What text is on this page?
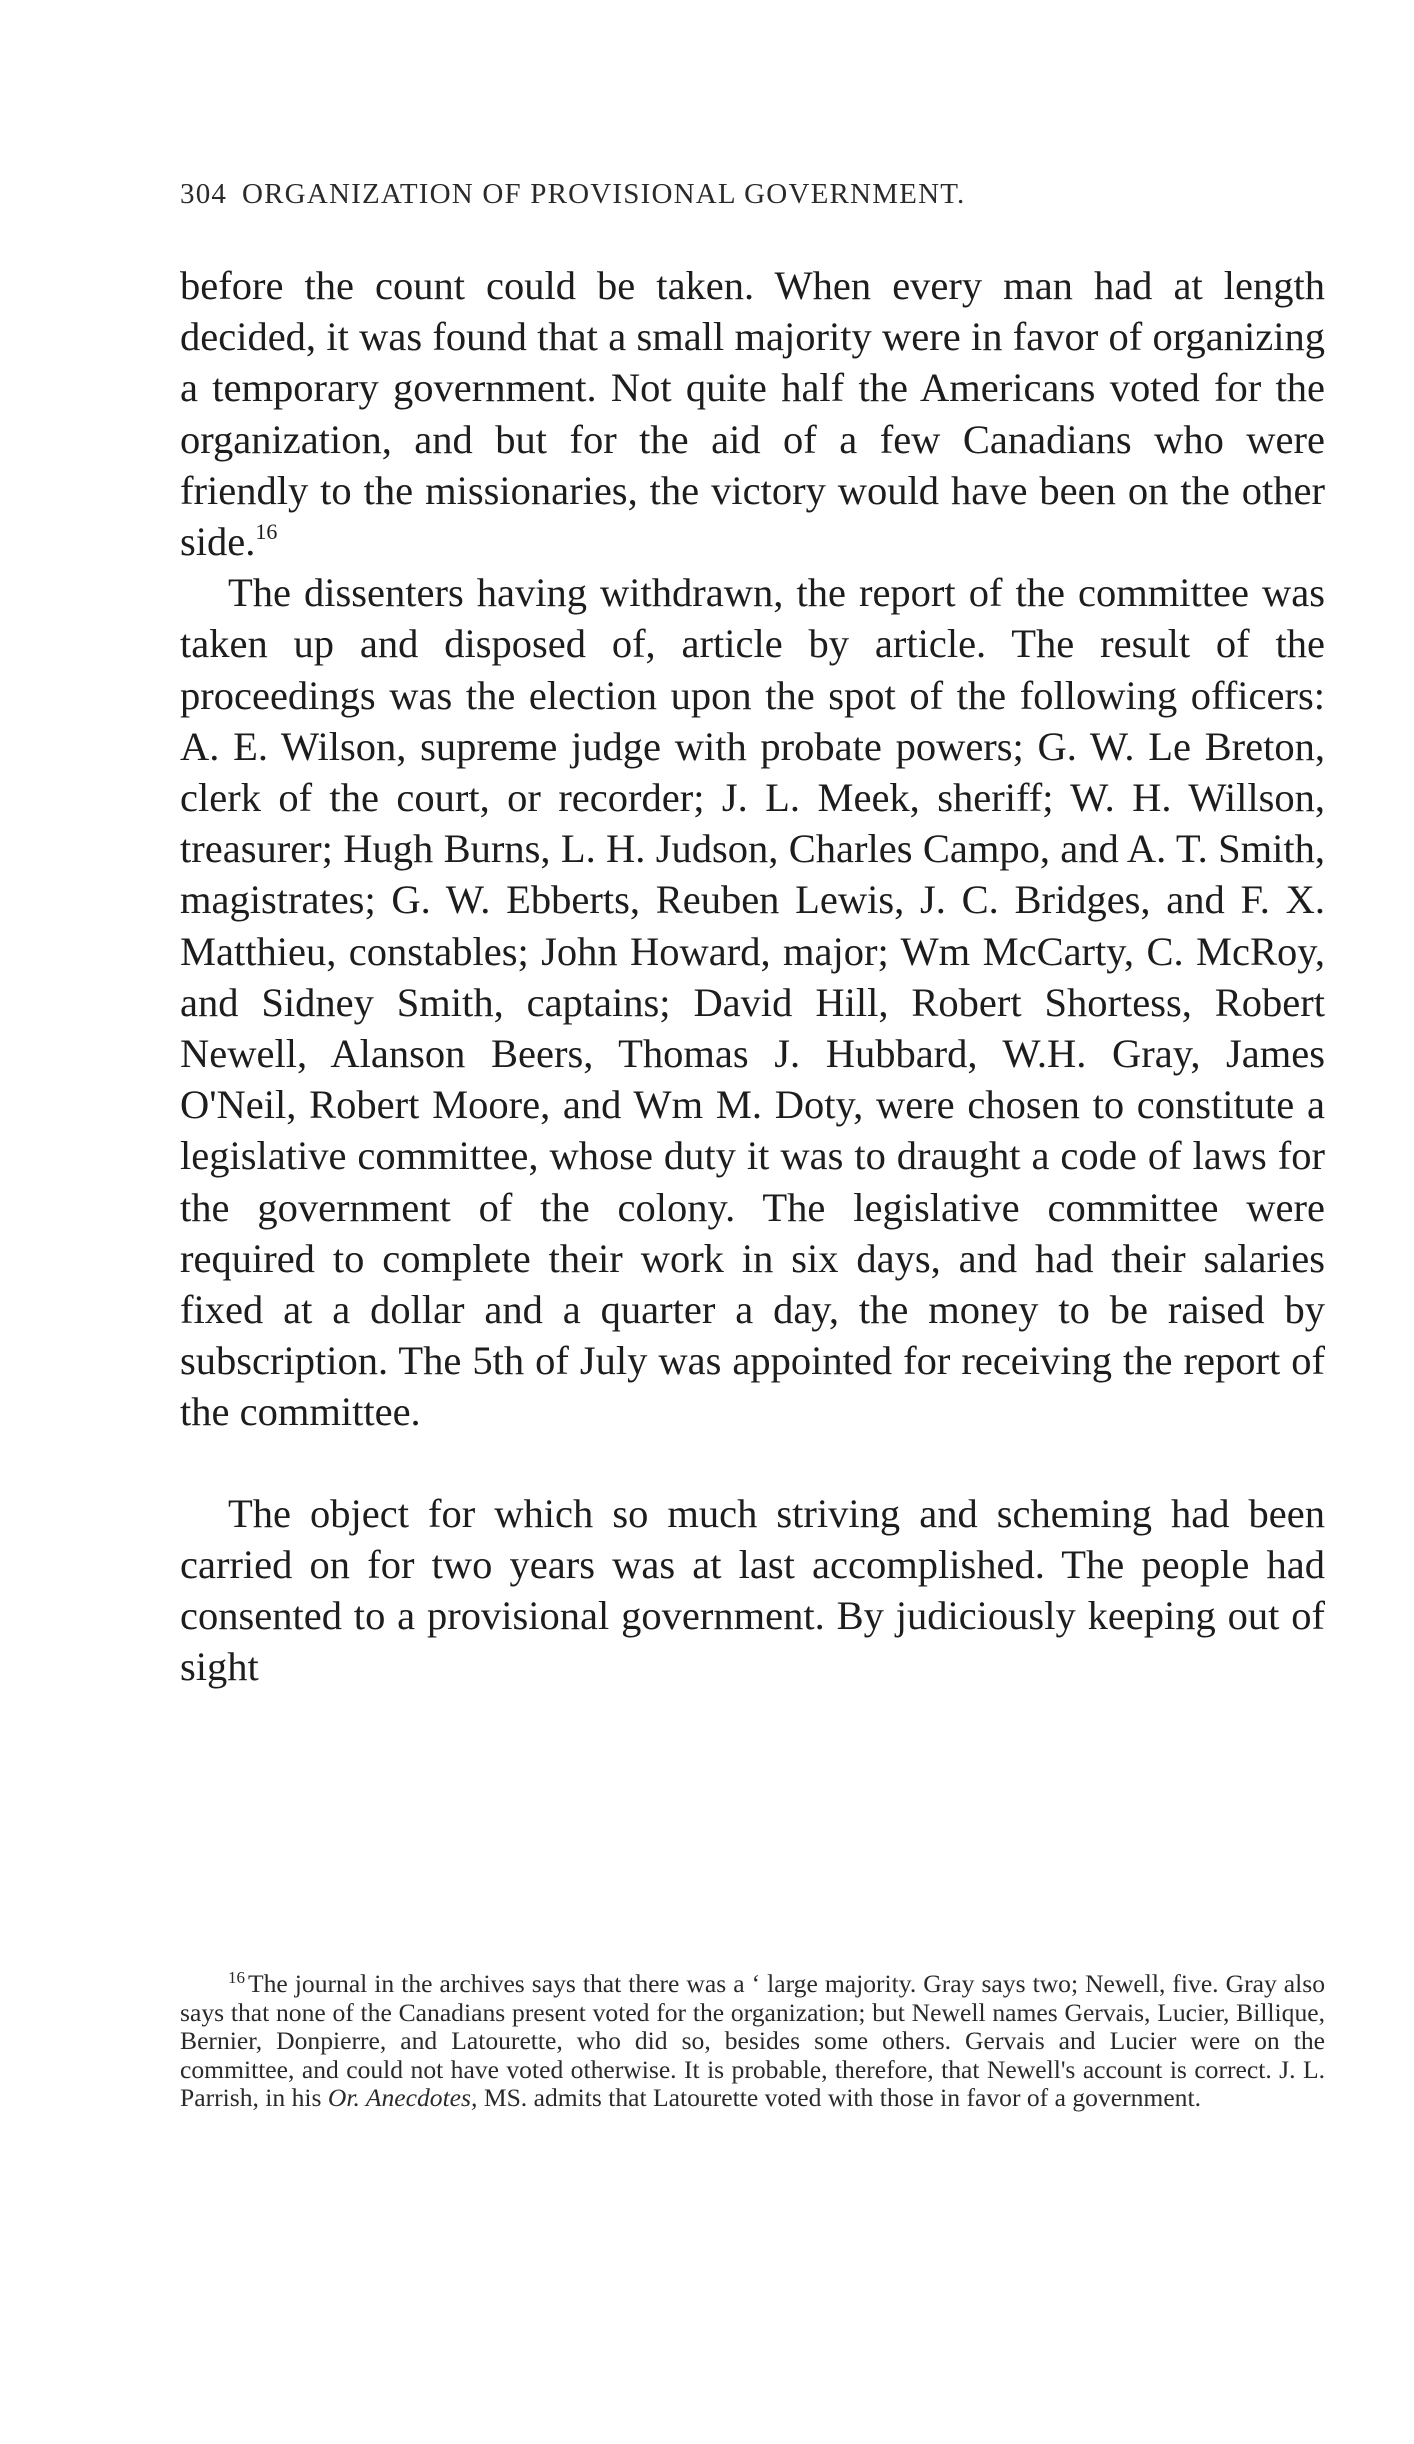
304 ORGANIZATION OF PROVISIONAL GOVERNMENT.

before the count could be taken. When every man had at length decided, it was found that a small majority were in favor of organizing a temporary government. Not quite half the Americans voted for the organization, and but for the aid of a few Canadians who were friendly to the missionaries, the victory would have been on the other side.$^{16}$

The dissenters having withdrawn, the report of the committee was taken up and disposed of, article by article. The result of the proceedings was the election upon the spot of the following officers: A. E. Wilson, supreme judge with probate powers; G. W. Le Breton, clerk of the court, or recorder; J. L. Meek, sheriff; W. H. Willson, treasurer; Hugh Burns, L. H. Judson, Charles Campo, and A. T. Smith, magistrates; G. W. Ebberts, Reuben Lewis, J. C. Bridges, and F. X. Matthieu, constables; John Howard, major; Wm McCarty, C. McRoy, and Sidney Smith, captains; David Hill, Robert Shortess, Robert Newell, Alanson Beers, Thomas J. Hubbard, W.H. Gray, James O'Neil, Robert Moore, and Wm M. Doty, were chosen to constitute a legislative committee, whose duty it was to draught a code of laws for the government of the colony. The legislative committee were required to complete their work in six days, and had their salaries fixed at a dollar and a quarter a day, the money to be raised by subscription. The 5th of July was appointed for receiving the report of the committee.

The object for which so much striving and scheming had been carried on for two years was at last accomplished. The people had consented to a provisional government. By judiciously keeping out of sight

$^{16}$ The journal in the archives says that there was a ‘ large majority. Gray says two; Newell, five. Gray also says that none of the Canadians present voted for the organization; but Newell names Gervais, Lucier, Billique, Bernier, Donpierre, and Latourette, who did so, besides some others. Gervais and Lucier were on the committee, and could not have voted otherwise. It is probable, therefore, that Newell's account is correct. J. L. Parrish, in his Or. Anecdotes, MS. admits that Latourette voted with those in favor of a government.
